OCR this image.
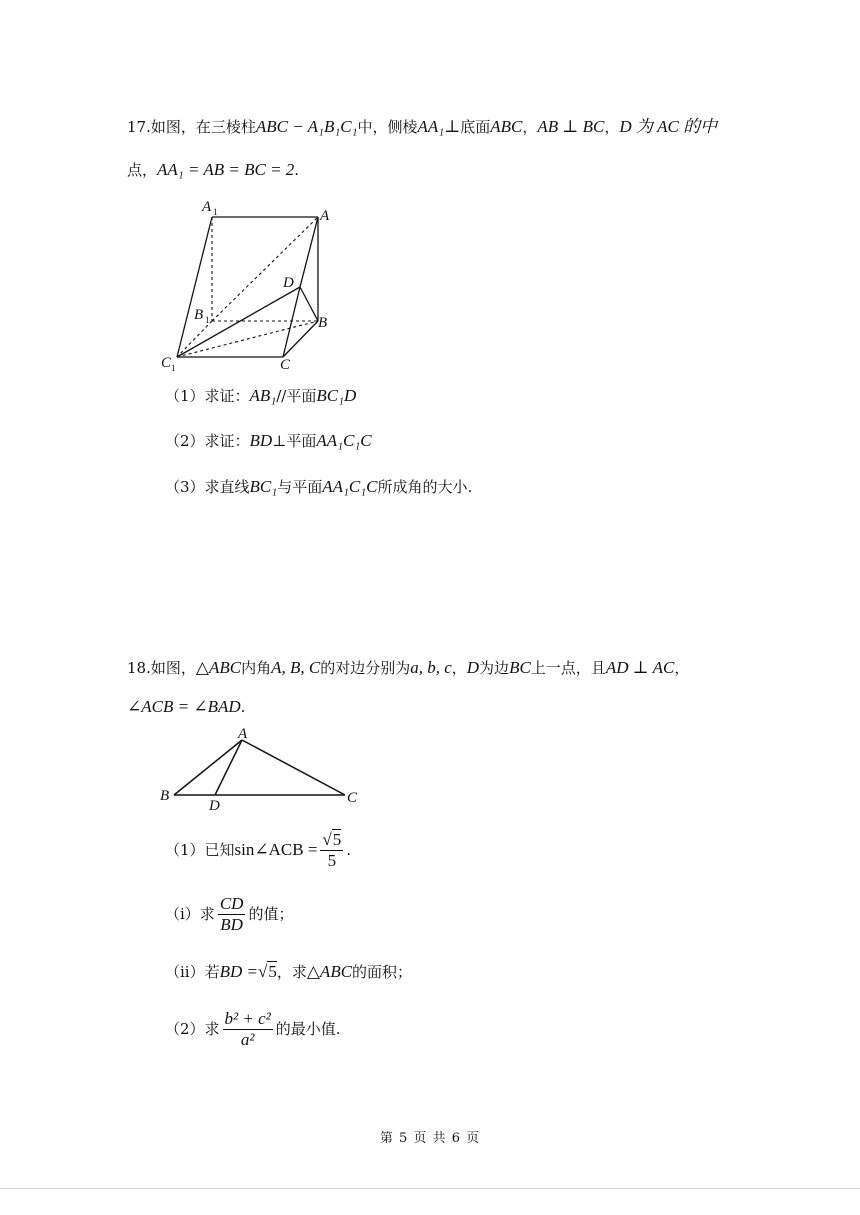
17.如图，在三棱柱ABC − A₁B₁C₁中，侧棱AA₁⊥底面ABC，AB ⊥ BC，D 为 AC 的中
点，AA₁ = AB = BC = 2.
A 1	A
D
B 1	B
C 1	C
（1）求证：AB₁//平面BC₁D
（2）求证：BD⊥平面AA₁C₁C
（3）求直线BC₁与平面AA₁C₁C所成角的大小.
18.如图，△ABC内角A, B, C的对边分别为a, b, c，D为边BC上一点，且AD ⊥ AC，
∠ACB = ∠BAD.
A
B
D	C
（1）已知 sin∠ACB = $\frac{√5}{5}$ .
（i）求 $\frac{CD}{BD}$ 的值；
（ii）若BD =√5，求△ABC的面积；
（2）求 $\frac{\text{b² + c²}}{\text{a²}}$ 的最小值.
第 5 页 共 6 页
